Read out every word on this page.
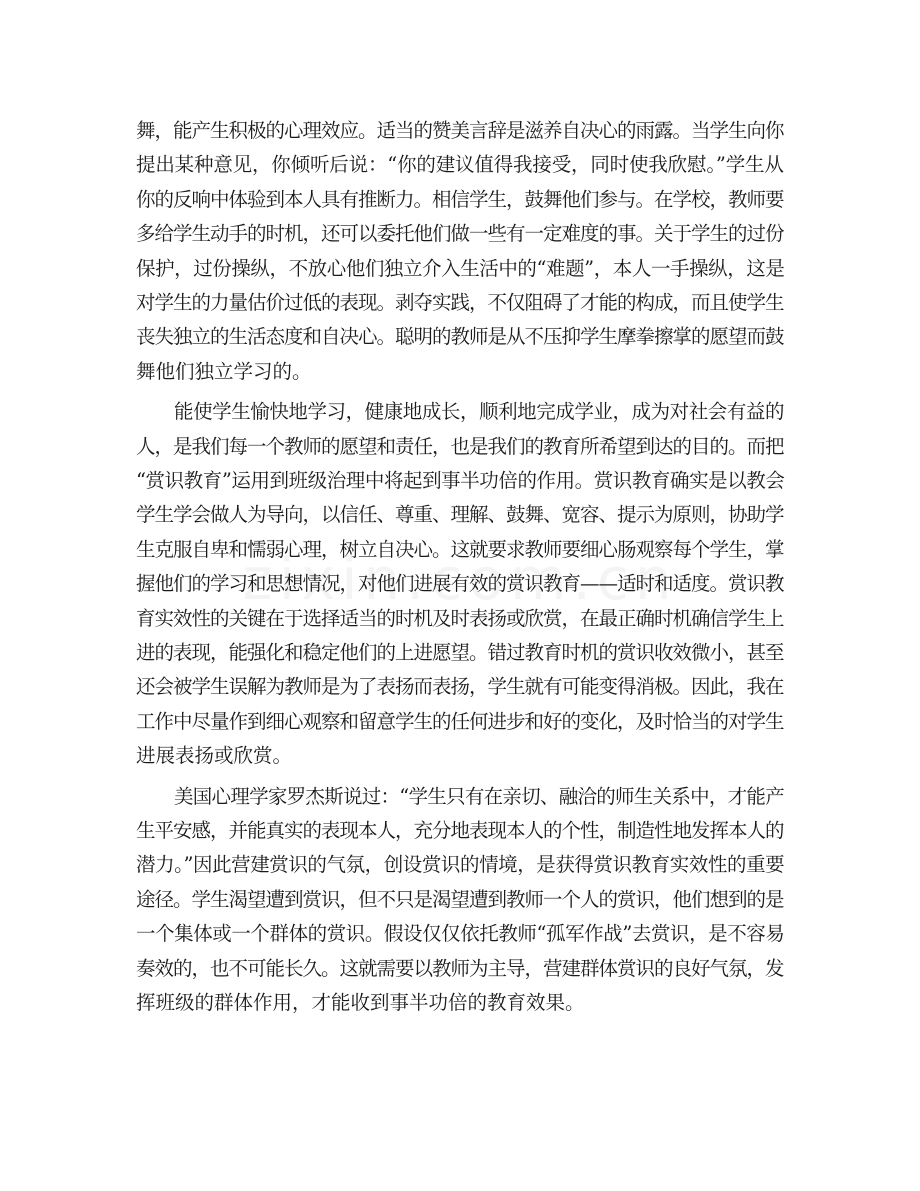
舞，能产生积极的心理效应。适当的赞美言辞是滋养自决心的雨露。当学生向你
提出某种意见，你倾听后说：“你的建议值得我接受，同时使我欣慰。”学生从
你的反响中体验到本人具有推断力。相信学生，鼓舞他们参与。在学校，教师要
多给学生动手的时机，还可以委托他们做一些有一定难度的事。关于学生的过份
保护，过份操纵，不放心他们独立介入生活中的“难题”，本人一手操纵，这是
对学生的力量估价过低的表现。剥夺实践，不仅阻碍了才能的构成，而且使学生
丧失独立的生活态度和自决心。聪明的教师是从不压抑学生摩拳擦掌的愿望而鼓
舞他们独立学习的。
能使学生愉快地学习，健康地成长，顺利地完成学业，成为对社会有益的
人，是我们每一个教师的愿望和责任，也是我们的教育所希望到达的目的。而把
“赏识教育”运用到班级治理中将起到事半功倍的作用。赏识教育确实是以教会
学生学会做人为导向，以信任、尊重、理解、鼓舞、宽容、提示为原则，协助学
生克服自卑和懦弱心理，树立自决心。这就要求教师要细心肠观察每个学生，掌
握他们的学习和思想情况，对他们进展有效的赏识教育——适时和适度。赏识教
育实效性的关键在于选择适当的时机及时表扬或欣赏，在最正确时机确信学生上
进的表现，能强化和稳定他们的上进愿望。错过教育时机的赏识收效微小，甚至
还会被学生误解为教师是为了表扬而表扬，学生就有可能变得消极。因此，我在
工作中尽量作到细心观察和留意学生的任何进步和好的变化，及时恰当的对学生
进展表扬或欣赏。
美国心理学家罗杰斯说过：“学生只有在亲切、融洽的师生关系中，才能产
生平安感，并能真实的表现本人，充分地表现本人的个性，制造性地发挥本人的
潜力。”因此营建赏识的气氛，创设赏识的情境，是获得赏识教育实效性的重要
途径。学生渴望遭到赏识，但不只是渴望遭到教师一个人的赏识，他们想到的是
一个集体或一个群体的赏识。假设仅仅依托教师“孤军作战”去赏识，是不容易
奏效的，也不可能长久。这就需要以教师为主导，营建群体赏识的良好气氛，发
挥班级的群体作用，才能收到事半功倍的教育效果。
